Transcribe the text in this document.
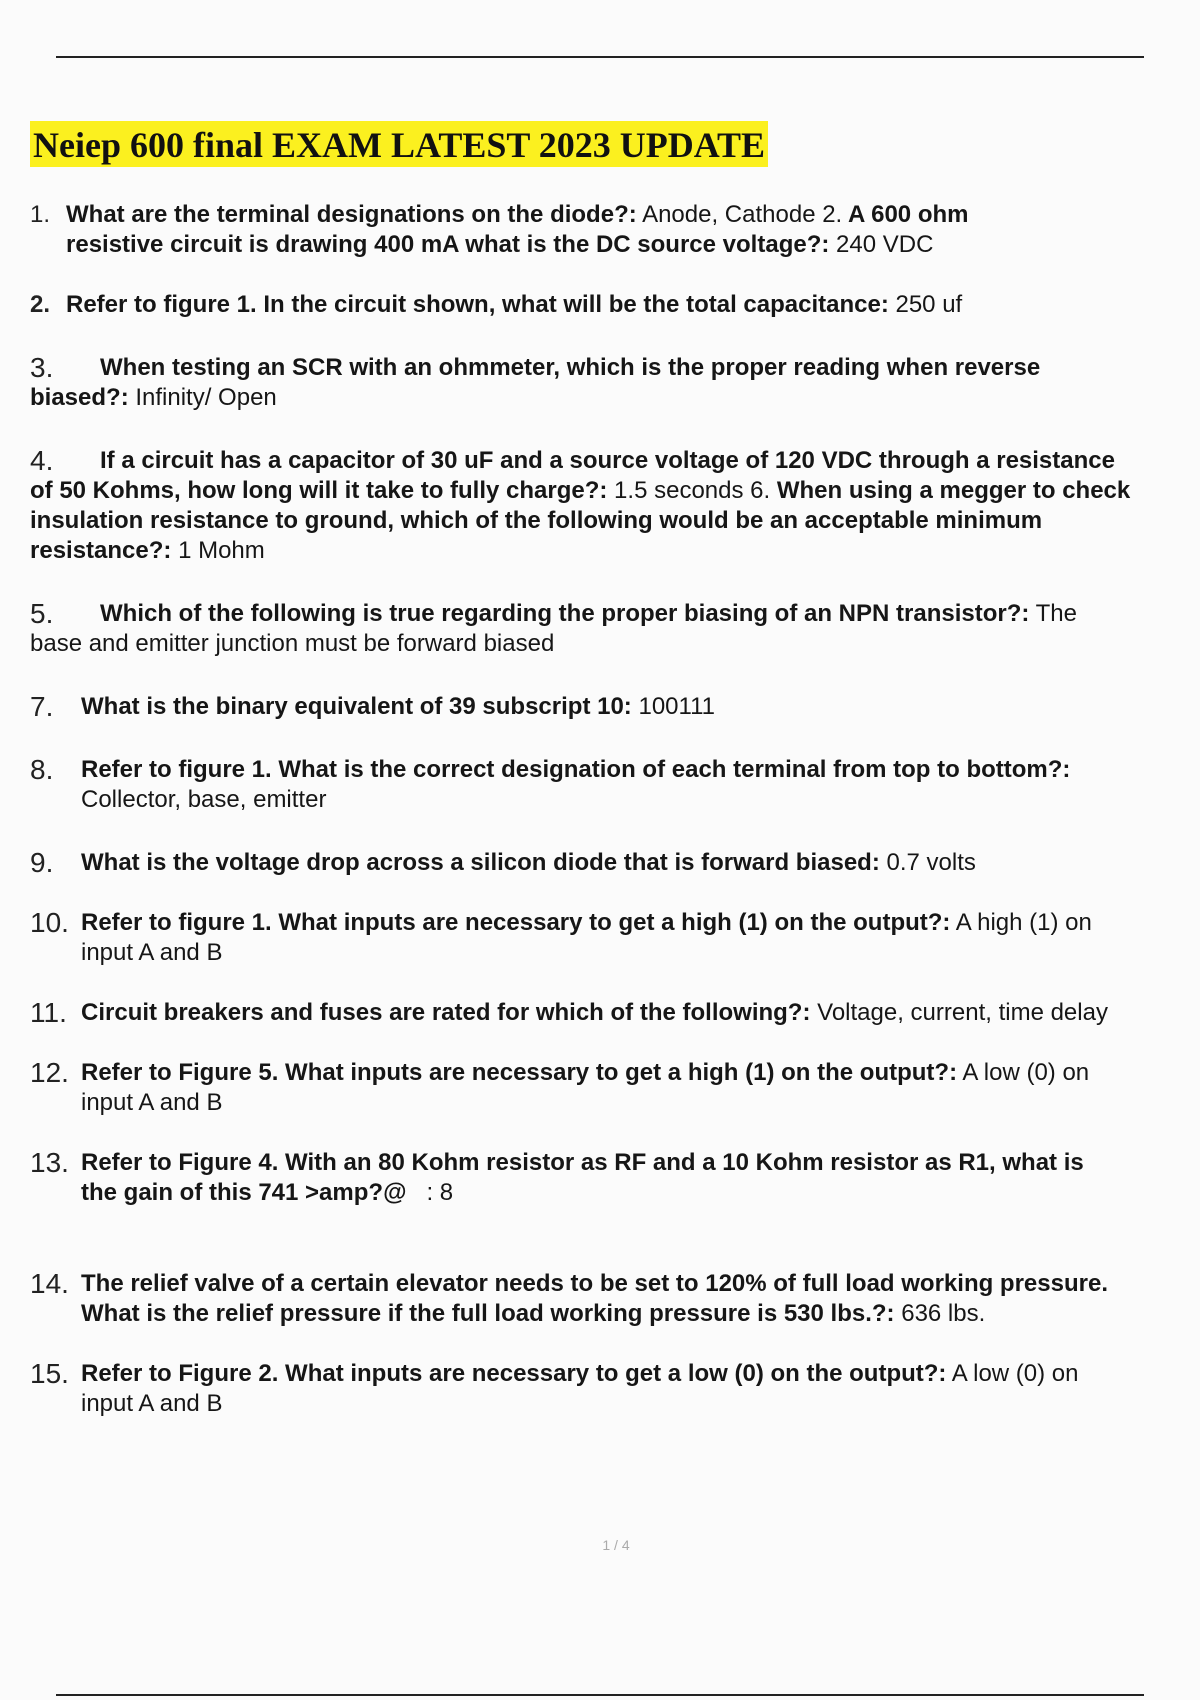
Neiep 600 final EXAM LATEST 2023 UPDATE
1. What are the terminal designations on the diode?: Anode, Cathode 2. A 600 ohm
resistive circuit is drawing 400 mA what is the DC source voltage?: 240 VDC
2. Refer to figure 1. In the circuit shown, what will be the total capacitance: 250 uf
3.	When testing an SCR with an ohmmeter, which is the proper reading when reverse
biased?: Infinity/ Open
4.	If a circuit has a capacitor of 30 uF and a source voltage of 120 VDC through a resistance
of 50 Kohms, how long will it take to fully charge?: 1.5 seconds 6. When using a megger to check
insulation resistance to ground, which of the following would be an acceptable minimum
resistance?: 1 Mohm
5.	Which of the following is true regarding the proper biasing of an NPN transistor?: The
base and emitter junction must be forward biased
7.	What is the binary equivalent of 39 subscript 10: 100111
8.	Refer to figure 1. What is the correct designation of each terminal from top to bottom?:
Collector, base, emitter
9.	What is the voltage drop across a silicon diode that is forward biased: 0.7 volts
10. Refer to figure 1. What inputs are necessary to get a high (1) on the output?: A high (1) on
input A and B
11. Circuit breakers and fuses are rated for which of the following?: Voltage, current, time delay
12. Refer to Figure 5. What inputs are necessary to get a high (1) on the output?: A low (0) on
input A and B
13. Refer to Figure 4. With an 80 Kohm resistor as RF and a 10 Kohm resistor as R1, what is
the gain of this 741 >amp?@   : 8
14. The relief valve of a certain elevator needs to be set to 120% of full load working pressure.
What is the relief pressure if the full load working pressure is 530 lbs.?: 636 lbs.
15. Refer to Figure 2. What inputs are necessary to get a low (0) on the output?: A low (0) on
input A and B
1 / 4
